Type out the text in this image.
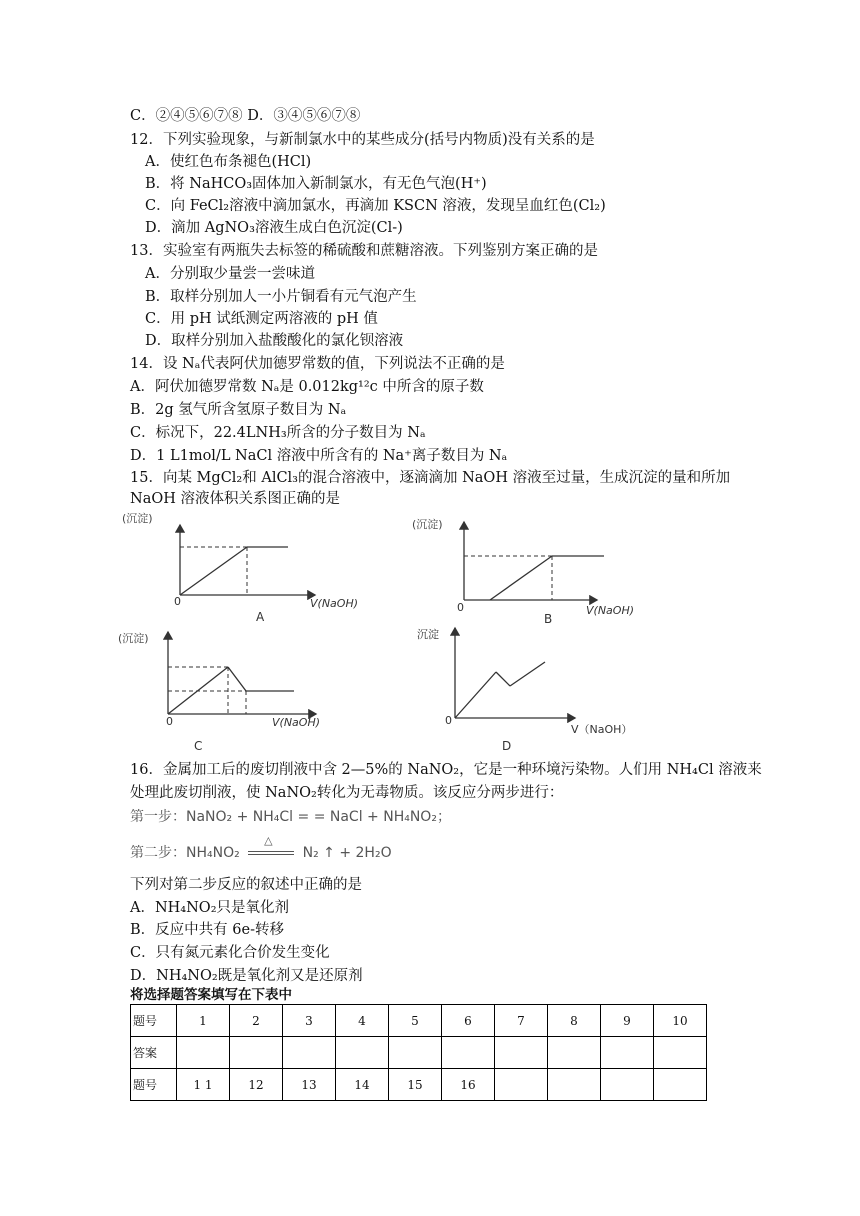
C．②④⑤⑥⑦⑧ D．③④⑤⑥⑦⑧
12．下列实验现象，与新制氯水中的某些成分(括号内物质)没有关系的是
A．使红色布条褪色(HCl)
B．将 NaHCO₃固体加入新制氯水，有无色气泡(H⁺)
C．向 FeCl₂溶液中滴加氯水，再滴加 KSCN 溶液，发现呈血红色(Cl₂)
D．滴加 AgNO₃溶液生成白色沉淀(Cl-)
13．实验室有两瓶失去标签的稀硫酸和蔗糖溶液。下列鉴别方案正确的是
A．分别取少量尝一尝味道
B．取样分别加人一小片铜看有元气泡产生
C．用 pH 试纸测定两溶液的 pH 值
D．取样分别加入盐酸酸化的氯化钡溶液
14．设 Nₐ代表阿伏加德罗常数的值，下列说法不正确的是
A．阿伏加德罗常数 Nₐ是 0.012kg¹²c 中所含的原子数
B．2g 氢气所含氢原子数目为 Nₐ
C．标况下，22.4LNH₃所含的分子数目为 Nₐ
D．1 L1mol/L NaCl 溶液中所含有的 Na⁺离子数目为 Nₐ
15．向某 MgCl₂和 AlCl₃的混合溶液中，逐滴滴加 NaOH 溶液至过量，生成沉淀的量和所加
NaOH 溶液体积关系图正确的是
(沉淀)
0	V(NaOH)
A
(沉淀)
0	V(NaOH)
B
(沉淀)
0	V(NaOH)
C
沉淀
0
V（NaOH）
D
16．金属加工后的废切削液中含 2—5%的 NaNO₂，它是一种环境污染物。人们用 NH₄Cl 溶液来
处理此废切削液，使 NaNO₂转化为无毒物质。该反应分两步进行：
第一步：NaNO₂ + NH₄Cl = = NaCl + NH₄NO₂；
第二步：NH₄NO₂
△
N₂ ↑ + 2H₂O
下列对第二步反应的叙述中正确的是
A．NH₄NO₂只是氧化剂
B．反应中共有 6e-转移
C．只有氮元素化合价发生变化
D．NH₄NO₂既是氧化剂又是还原剂
将选择题答案填写在下表中
题号	1	2	3	4	5	6	7	8	9	10
答案										
题号	1 1	12	13	14	15	16				
